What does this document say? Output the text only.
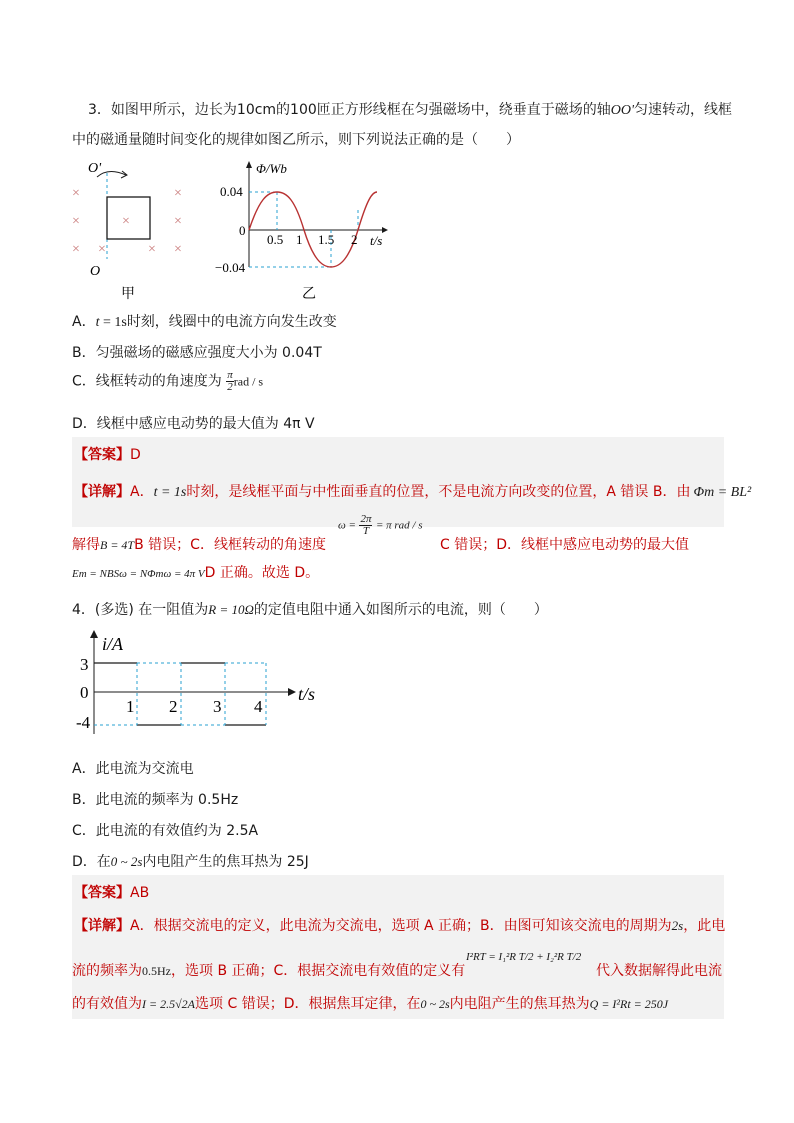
3．如图甲所示，边长为10cm的100匝正方形线框在匀强磁场中，绕垂直于磁场的轴OO'匀速转动，线框
中的磁通量随时间变化的规律如图乙所示，则下列说法正确的是（　　）
×	×
×	×
×	×
×
×	×
O'
O
甲
Φ/Wb
t/s
0.04
0
−0.04
0.5 1 1.5 2
乙
A．t = 1s时刻，线圈中的电流方向发生改变
B．匀强磁场的磁感应强度大小为 0.04T
C．线框转动的角速度为 $\frac{\pi}{2}$ rad / s
D．线框中感应电动势的最大值为 4π V
【答案】D
【详解】A．t = 1s时刻，是线框平面与中性面垂直的位置，不是电流方向改变的位置，A 错误 B．由 Φm = BL²
解得B = 4TB 错误；C．线框转动的角速度
$\omega = \frac{2\pi}{T} = \pi$ rad / s
C 错误；D．线框中感应电动势的最大值
Em = NBSω = NΦmω = 4π VD 正确。故选 D。
4．(多选) 在一阻值为R = 10Ω的定值电阻中通入如图所示的电流，则（　　）
i/A
t/s
3
0
-4
1 2 3 4
A．此电流为交流电
B．此电流的频率为 0.5Hz
C．此电流的有效值约为 2.5A
D．在0 ~ 2s内电阻产生的焦耳热为 25J
【答案】AB
【详解】A．根据交流电的定义，此电流为交流电，选项 A 正确；B．由图可知该交流电的周期为2s，此电
流的频率为0.5Hz，选项 B 正确；C．根据交流电有效值的定义有
I²RT = I₁²R T/2 + I₂²R T/2
代入数据解得此电流
的有效值为I = 2.5√2A选项 C 错误；D．根据焦耳定律，在0 ~ 2s内电阻产生的焦耳热为Q = I²Rt = 250J
